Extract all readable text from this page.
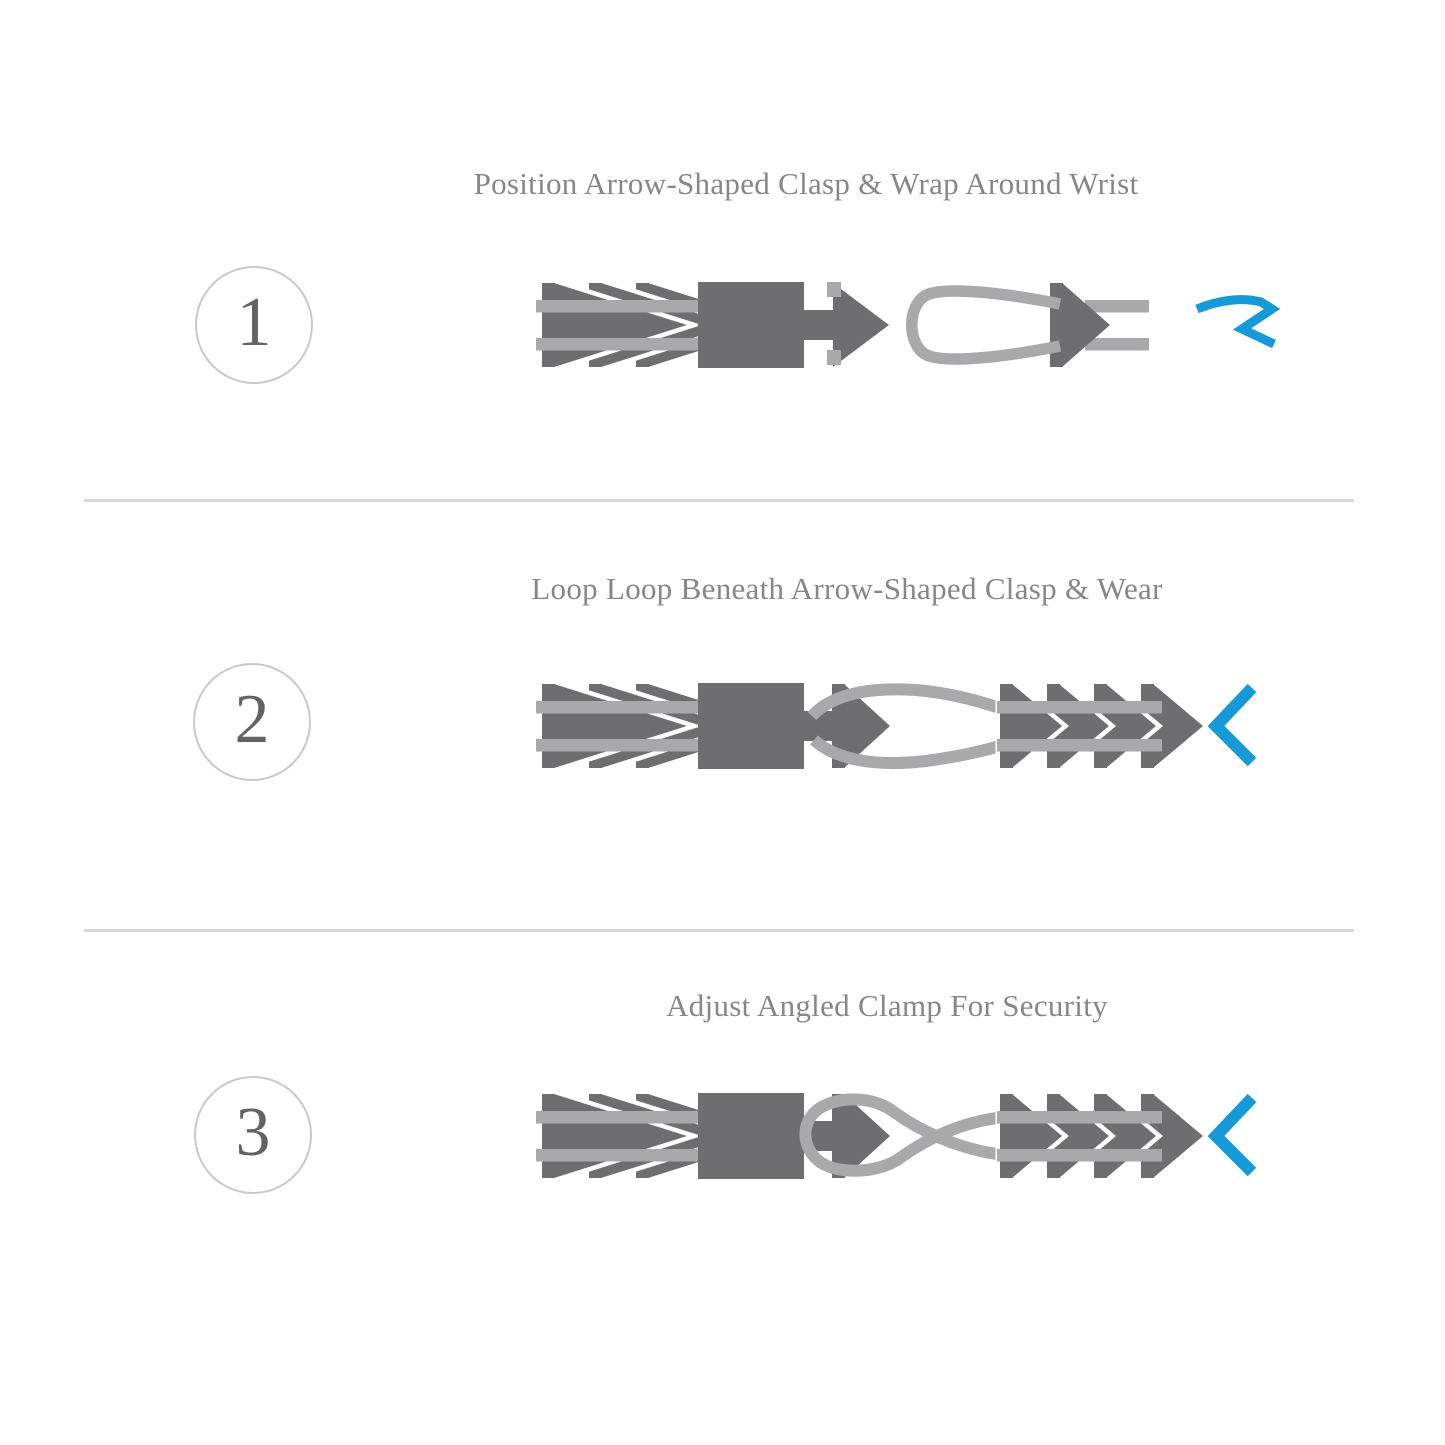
Position Arrow-Shaped Clasp & Wrap Around Wrist
1
Loop Loop Beneath Arrow-Shaped Clasp & Wear
2
Adjust Angled Clamp For Security
3
